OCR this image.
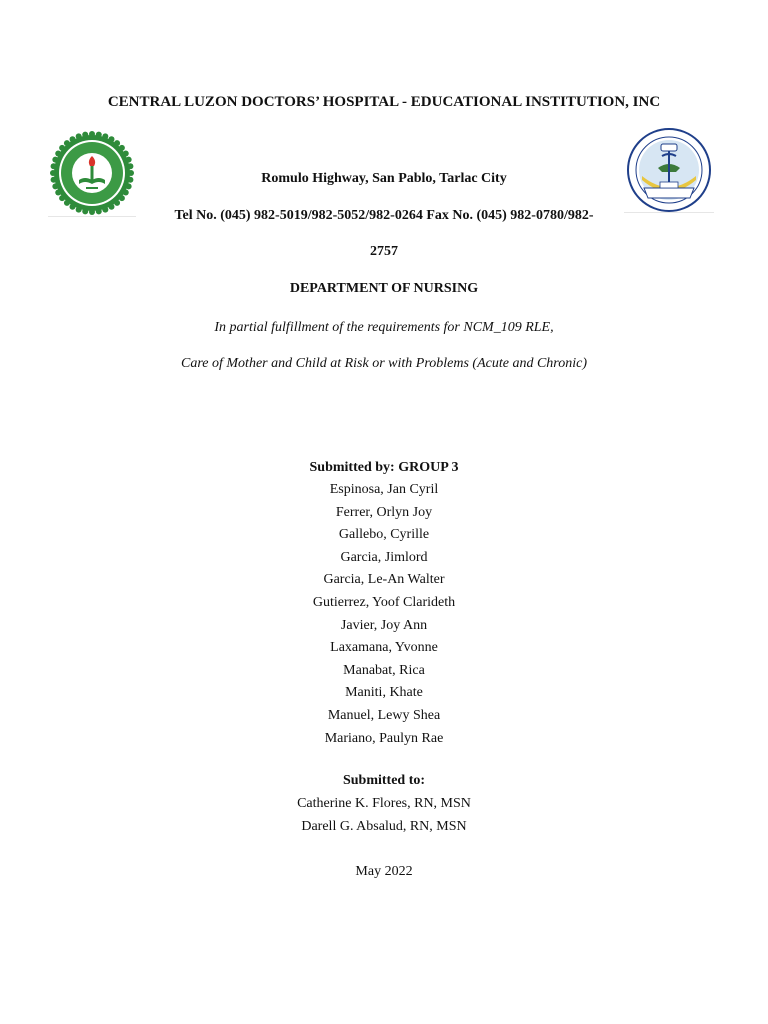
CENTRAL LUZON DOCTORS’ HOSPITAL - EDUCATIONAL INSTITUTION, INC
Romulo Highway, San Pablo, Tarlac City
Tel No. (045) 982-5019/982-5052/982-0264 Fax No. (045) 982-0780/982-
2757
DEPARTMENT OF NURSING
In partial fulfillment of the requirements for NCM_109 RLE,
Care of Mother and Child at Risk or with Problems (Acute and Chronic)
Submitted by: GROUP 3
Espinosa, Jan Cyril
Ferrer, Orlyn Joy
Gallebo, Cyrille
Garcia, Jimlord
Garcia, Le-An Walter
Gutierrez, Yoof Clarideth
Javier, Joy Ann
Laxamana, Yvonne
Manabat, Rica
Maniti, Khate
Manuel, Lewy Shea
Mariano, Paulyn Rae
Submitted to:
Catherine K. Flores, RN, MSN
Darell G. Absalud, RN, MSN
May 2022
